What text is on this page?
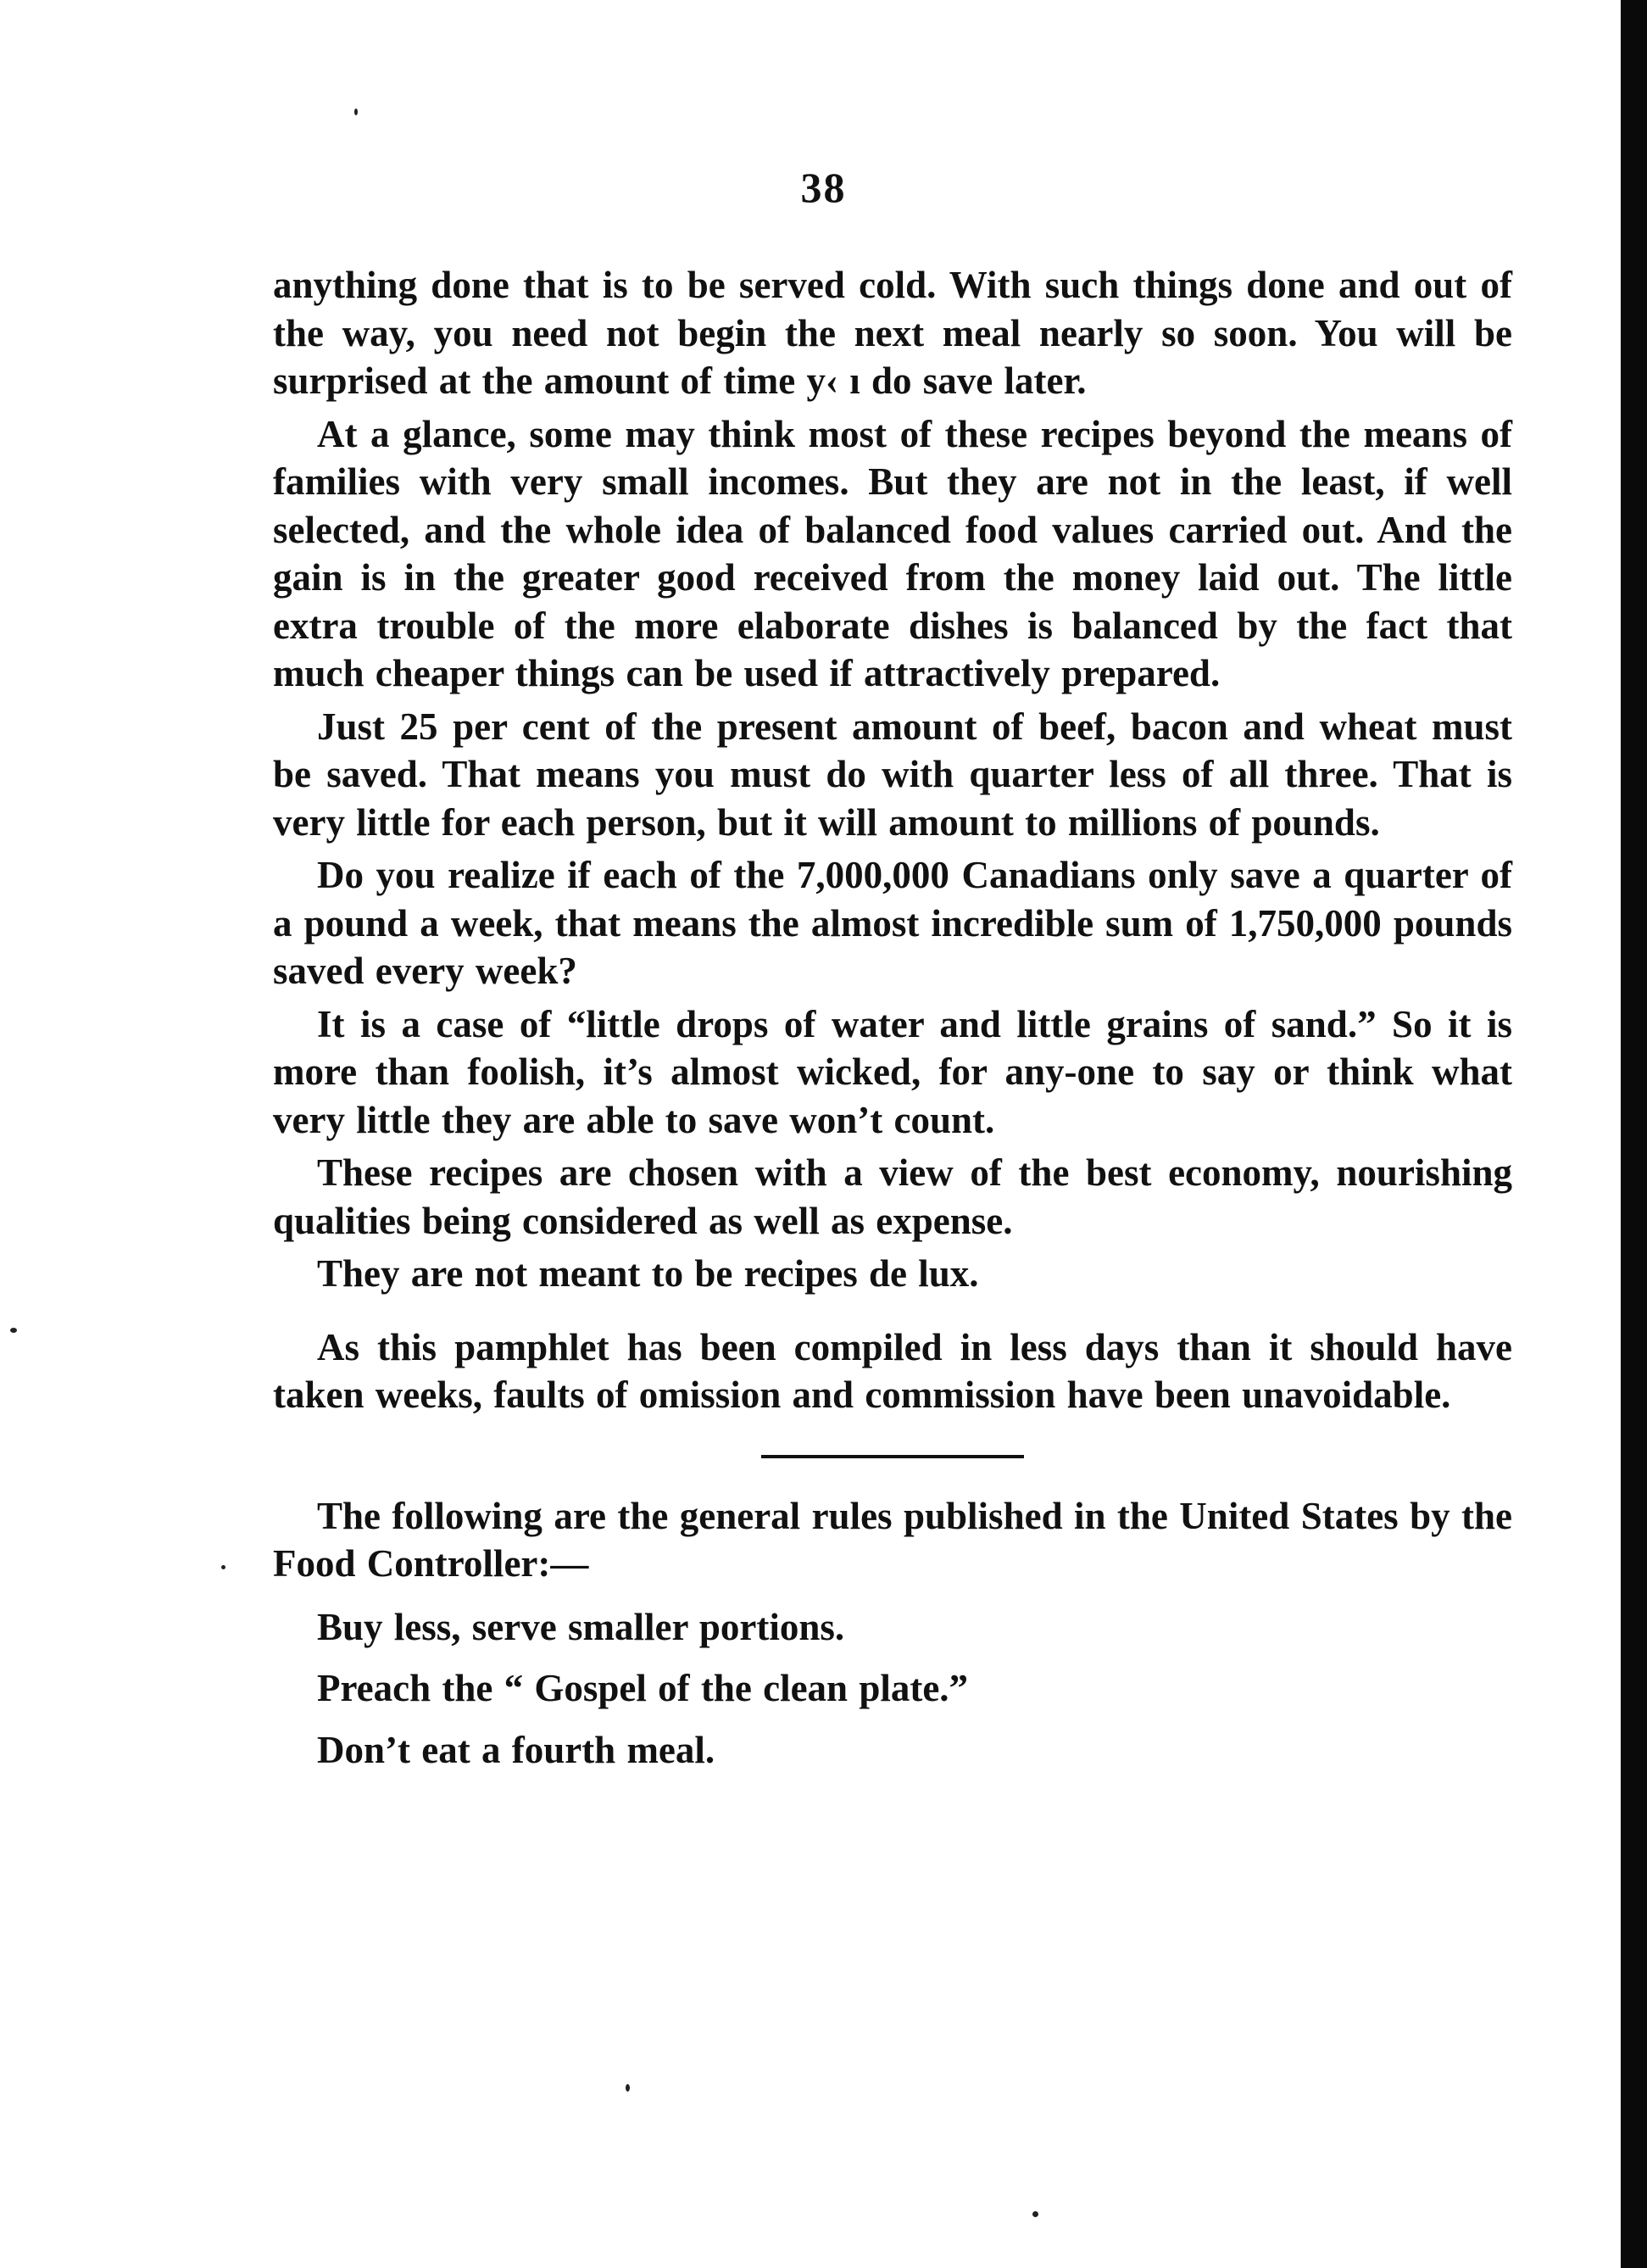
38

anything done that is to be served cold. With such things done and out of the way, you need not begin the next meal nearly so soon. You will be surprised at the amount of time y‹ ı do save later.

At a glance, some may think most of these recipes beyond the means of families with very small incomes. But they are not in the least, if well selected, and the whole idea of balanced food values carried out. And the gain is in the greater good received from the money laid out. The little extra trouble of the more elaborate dishes is balanced by the fact that much cheaper things can be used if attractively prepared.

Just 25 per cent of the present amount of beef, bacon and wheat must be saved. That means you must do with quarter less of all three. That is very little for each person, but it will amount to millions of pounds.

Do you realize if each of the 7,000,000 Canadians only save a quarter of a pound a week, that means the almost incredible sum of 1,750,000 pounds saved every week?

It is a case of “little drops of water and little grains of sand.” So it is more than foolish, it’s almost wicked, for any-one to say or think what very little they are able to save won’t count.

These recipes are chosen with a view of the best economy, nourishing qualities being considered as well as expense.

They are not meant to be recipes de lux.

As this pamphlet has been compiled in less days than it should have taken weeks, faults of omission and commission have been unavoidable.

The following are the general rules published in the United States by the Food Controller:—

Buy less, serve smaller portions.

Preach the “ Gospel of the clean plate.”

Don’t eat a fourth meal.
